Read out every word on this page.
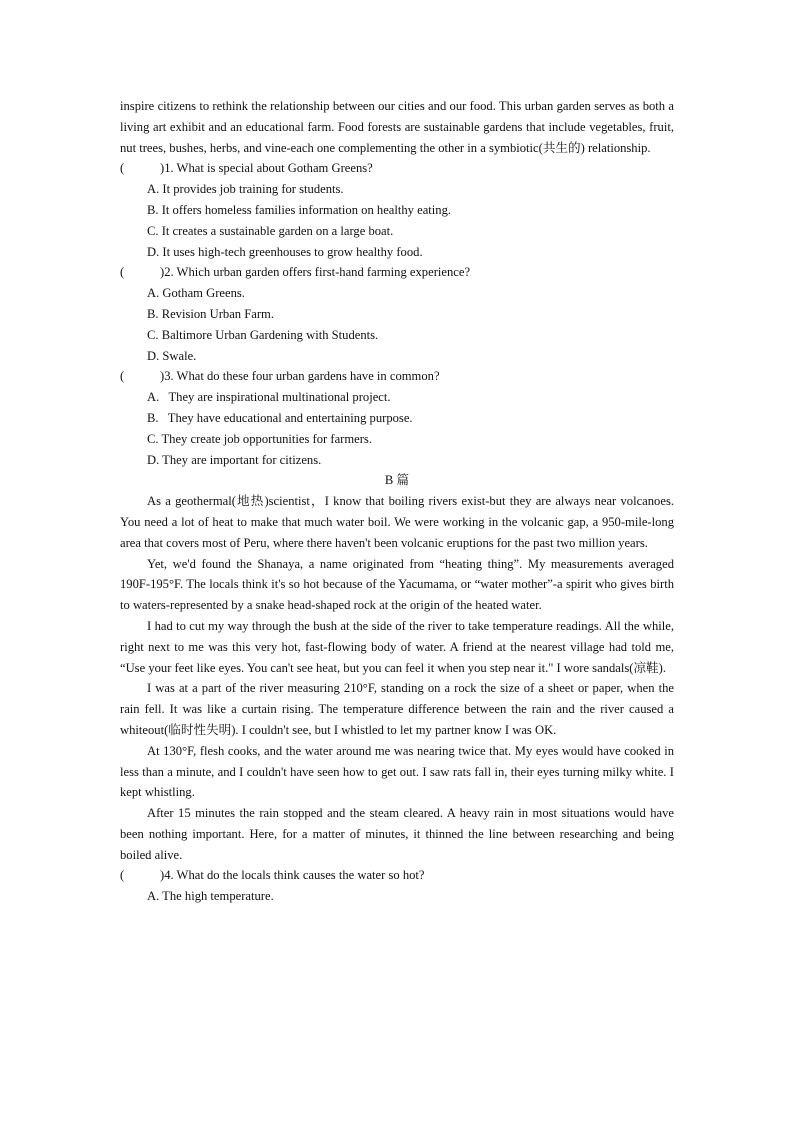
inspire citizens to rethink the relationship between our cities and our food. This urban garden serves as both a living art exhibit and an educational farm. Food forests are sustainable gardens that include vegetables, fruit, nut trees, bushes, herbs, and vine-each one complementing the other in a symbiotic(共生的) relationship.

(	)1. What is special about Gotham Greens?

A. It provides job training for students.

B. It offers homeless families information on healthy eating.

C. It creates a sustainable garden on a large boat.

D. It uses high-tech greenhouses to grow healthy food.

(	)2. Which urban garden offers first-hand farming experience?

A. Gotham Greens.

B. Revision Urban Farm.

C. Baltimore Urban Gardening with Students.

D. Swale.

(	)3. What do these four urban gardens have in common?

A.   They are inspirational multinational project.

B.   They have educational and entertaining purpose.

C. They create job opportunities for farmers.

D. They are important for citizens.

B 篇

As a geothermal(地热)scientist，I know that boiling rivers exist-but they are always near volcanoes. You need a lot of heat to make that much water boil. We were working in the volcanic gap, a 950-mile-long area that covers most of Peru, where there haven't been volcanic eruptions for the past two million years.

Yet, we'd found the Shanaya, a name originated from “heating thing”. My measurements averaged 190F-195°F. The locals think it's so hot because of the Yacumama, or “water mother”-a spirit who gives birth to waters-represented by a snake head-shaped rock at the origin of the heated water.

I had to cut my way through the bush at the side of the river to take temperature readings. All the while, right next to me was this very hot, fast-flowing body of water. A friend at the nearest village had told me, “Use your feet like eyes. You can't see heat, but you can feel it when you step near it." I wore sandals(凉鞋).

I was at a part of the river measuring 210°F, standing on a rock the size of a sheet or paper, when the rain fell. It was like a curtain rising. The temperature difference between the rain and the river caused a whiteout(临时性失明). I couldn't see, but I whistled to let my partner know I was OK.

At 130°F, flesh cooks, and the water around me was nearing twice that. My eyes would have cooked in less than a minute, and I couldn't have seen how to get out. I saw rats fall in, their eyes turning milky white. I kept whistling.

After 15 minutes the rain stopped and the steam cleared. A heavy rain in most situations would have been nothing important. Here, for a matter of minutes, it thinned the line between researching and being boiled alive.

(	)4. What do the locals think causes the water so hot?

A. The high temperature.
